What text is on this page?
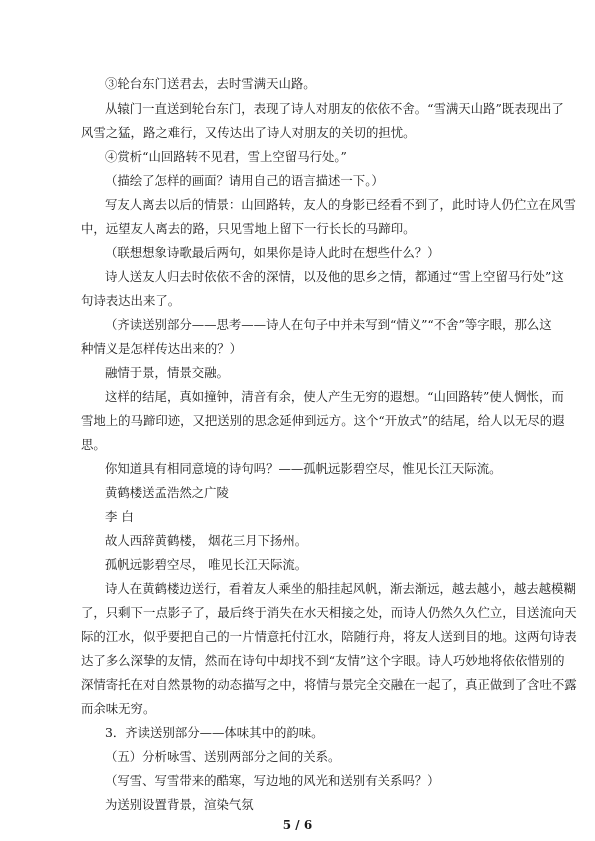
③轮台东门送君去，去时雪满天山路。
从辕门一直送到轮台东门，表现了诗人对朋友的依依不舍。“雪满天山路”既表现出了
风雪之猛，路之难行，又传达出了诗人对朋友的关切的担忧。
④赏析“山回路转不见君，雪上空留马行处。”
（描绘了怎样的画面？请用自己的语言描述一下。）
写友人离去以后的情景：山回路转，友人的身影已经看不到了，此时诗人仍伫立在风雪
中，远望友人离去的路，只见雪地上留下一行长长的马蹄印。
（联想想象诗歌最后两句，如果你是诗人此时在想些什么？）
诗人送友人归去时依依不舍的深情，以及他的思乡之情，都通过“雪上空留马行处”这
句诗表达出来了。
（齐读送别部分——思考——诗人在句子中并未写到“情义”“不舍”等字眼，那么这
种情义是怎样传达出来的？）
融情于景，情景交融。
这样的结尾，真如撞钟，清音有余，使人产生无穷的遐想。“山回路转”使人惆怅，而
雪地上的马蹄印迹，又把送别的思念延伸到远方。这个“开放式”的结尾，给人以无尽的遐
思。
你知道具有相同意境的诗句吗？——孤帆远影碧空尽，惟见长江天际流。
黄鹤楼送孟浩然之广陵
李 白
故人西辞黄鹤楼， 烟花三月下扬州。
孤帆远影碧空尽， 唯见长江天际流。
诗人在黄鹤楼边送行，看着友人乘坐的船挂起风帆，渐去渐远，越去越小，越去越模糊
了，只剩下一点影子了，最后终于消失在水天相接之处，而诗人仍然久久伫立，目送流向天
际的江水，似乎要把自己的一片情意托付江水，陪随行舟，将友人送到目的地。这两句诗表
达了多么深挚的友情，然而在诗句中却找不到“友情”这个字眼。诗人巧妙地将依依惜别的
深情寄托在对自然景物的动态描写之中，将情与景完全交融在一起了，真正做到了含吐不露
而余味无穷。
3．齐读送别部分——体味其中的韵味。
（五）分析咏雪、送别两部分之间的关系。
（写雪、写雪带来的酷寒，写边地的风光和送别有关系吗？）
为送别设置背景，渲染气氛
5 / 6
